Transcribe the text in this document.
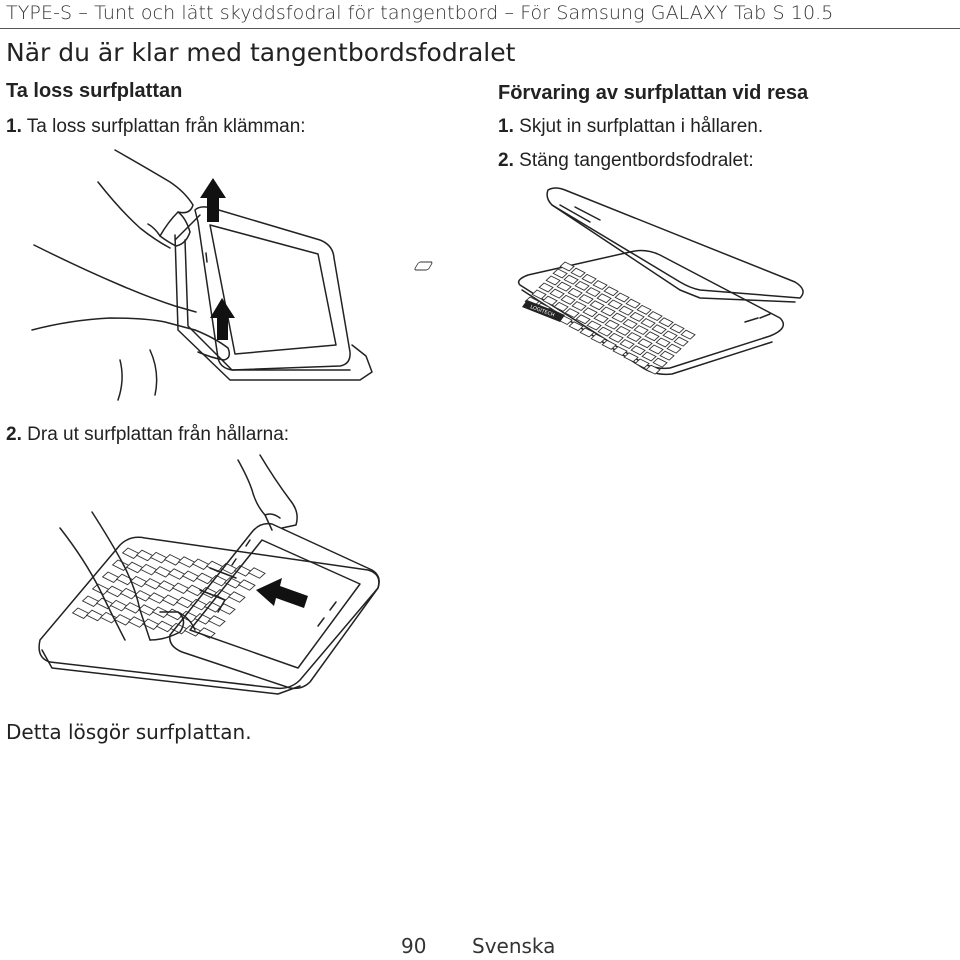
TYPE-S – Tunt och lätt skyddsfodral för tangentbord – För Samsung GALAXY Tab S 10.5
När du är klar med tangentbordsfodralet
Ta loss surfplattan
1. Ta loss surfplattan från klämman:
Förvaring av surfplattan vid resa
1. Skjut in surfplattan i hållaren.
2. Stäng tangentbordsfodralet:
LOGITECH
2. Dra ut surfplattan från hållarna:
Detta lösgör surfplattan.
90 Svenska
